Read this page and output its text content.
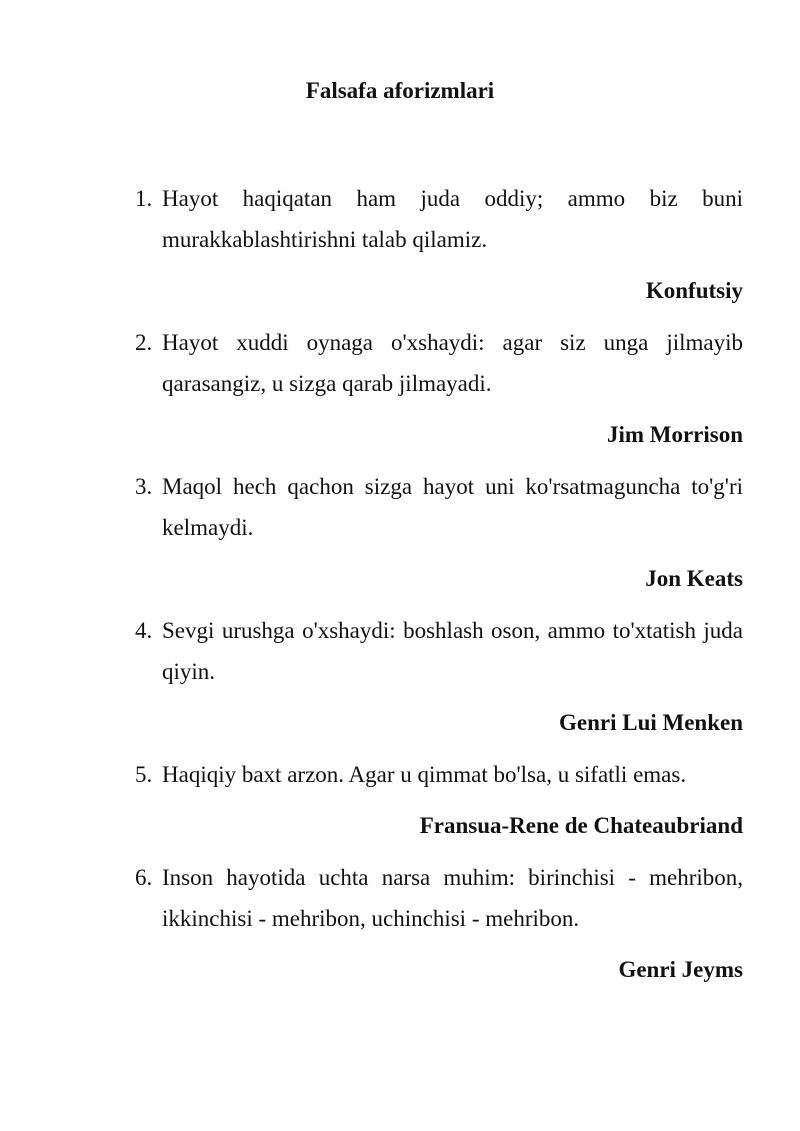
Falsafa aforizmlari
1. Hayot haqiqatan ham juda oddiy; ammo biz buni murakkablashtirishni talab qilamiz.
Konfutsiy
2. Hayot xuddi oynaga o'xshaydi: agar siz unga jilmayib qarasangiz, u sizga qarab jilmayadi.
Jim Morrison
3. Maqol hech qachon sizga hayot uni ko'rsatmaguncha to'g'ri kelmaydi.
Jon Keats
4. Sevgi urushga o'xshaydi: boshlash oson, ammo to'xtatish juda qiyin.
Genri Lui Menken
5. Haqiqiy baxt arzon. Agar u qimmat bo'lsa, u sifatli emas.
Fransua-Rene de Chateaubriand
6. Inson hayotida uchta narsa muhim: birinchisi - mehribon, ikkinchisi - mehribon, uchinchisi - mehribon.
Genri Jeyms
